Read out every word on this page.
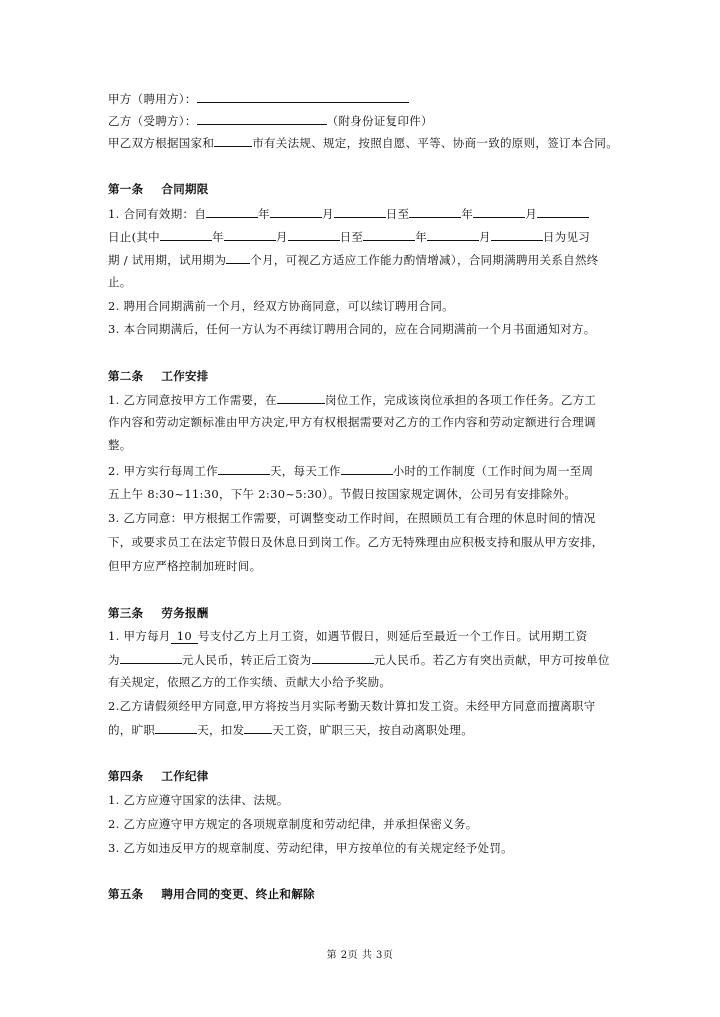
甲方（聘用方）：
乙方（受聘方）：	（附身份证复印件）
甲乙双方根据国家和	市有关法规、规定，按照自愿、平等、协商一致的原则，签订本合同。
第一条 合同期限
1. 合同有效期：自	年	月	日至	年	月
日止(其中	年	月	日至	年	月	日为见习
期 / 试用期，试用期为 个月，可视乙方适应工作能力酌情增减），合同期满聘用关系自然终
止。
2. 聘用合同期满前一个月，经双方协商同意，可以续订聘用合同。
3. 本合同期满后，任何一方认为不再续订聘用合同的，应在合同期满前一个月书面通知对方。
第二条 工作安排
1. 乙方同意按甲方工作需要，在	岗位工作，完成该岗位承担的各项工作任务。乙方工
作内容和劳动定额标准由甲方决定,甲方有权根据需要对乙方的工作内容和劳动定额进行合理调
整。
2. 甲方实行每周工作	天，每天工作	小时的工作制度（工作时间为周一至周
五上午 8:30~11:30，下午 2:30~5:30）。节假日按国家规定调休，公司另有安排除外。
3. 乙方同意：甲方根据工作需要，可调整变动工作时间，在照顾员工有合理的休息时间的情况
下，或要求员工在法定节假日及休息日到岗工作。乙方无特殊理由应积极支持和服从甲方安排，
但甲方应严格控制加班时间。
第三条 劳务报酬
1. 甲方每月 10 号支付乙方上月工资，如遇节假日，则延后至最近一个工作日。试用期工资
为	元人民币，转正后工资为	元人民币。若乙方有突出贡献，甲方可按单位
有关规定，依照乙方的工作实绩、贡献大小给予奖励。
2.乙方请假须经甲方同意,甲方将按当月实际考勤天数计算扣发工资。未经甲方同意而擅离职守
的，旷职	天，扣发 天工资，旷职三天，按自动离职处理。
第四条 工作纪律
1. 乙方应遵守国家的法律、法规。
2. 乙方应遵守甲方规定的各项规章制度和劳动纪律，并承担保密义务。
3. 乙方如违反甲方的规章制度、劳动纪律，甲方按单位的有关规定经予处罚。
第五条 聘用合同的变更、终止和解除
第 2页 共 3页
